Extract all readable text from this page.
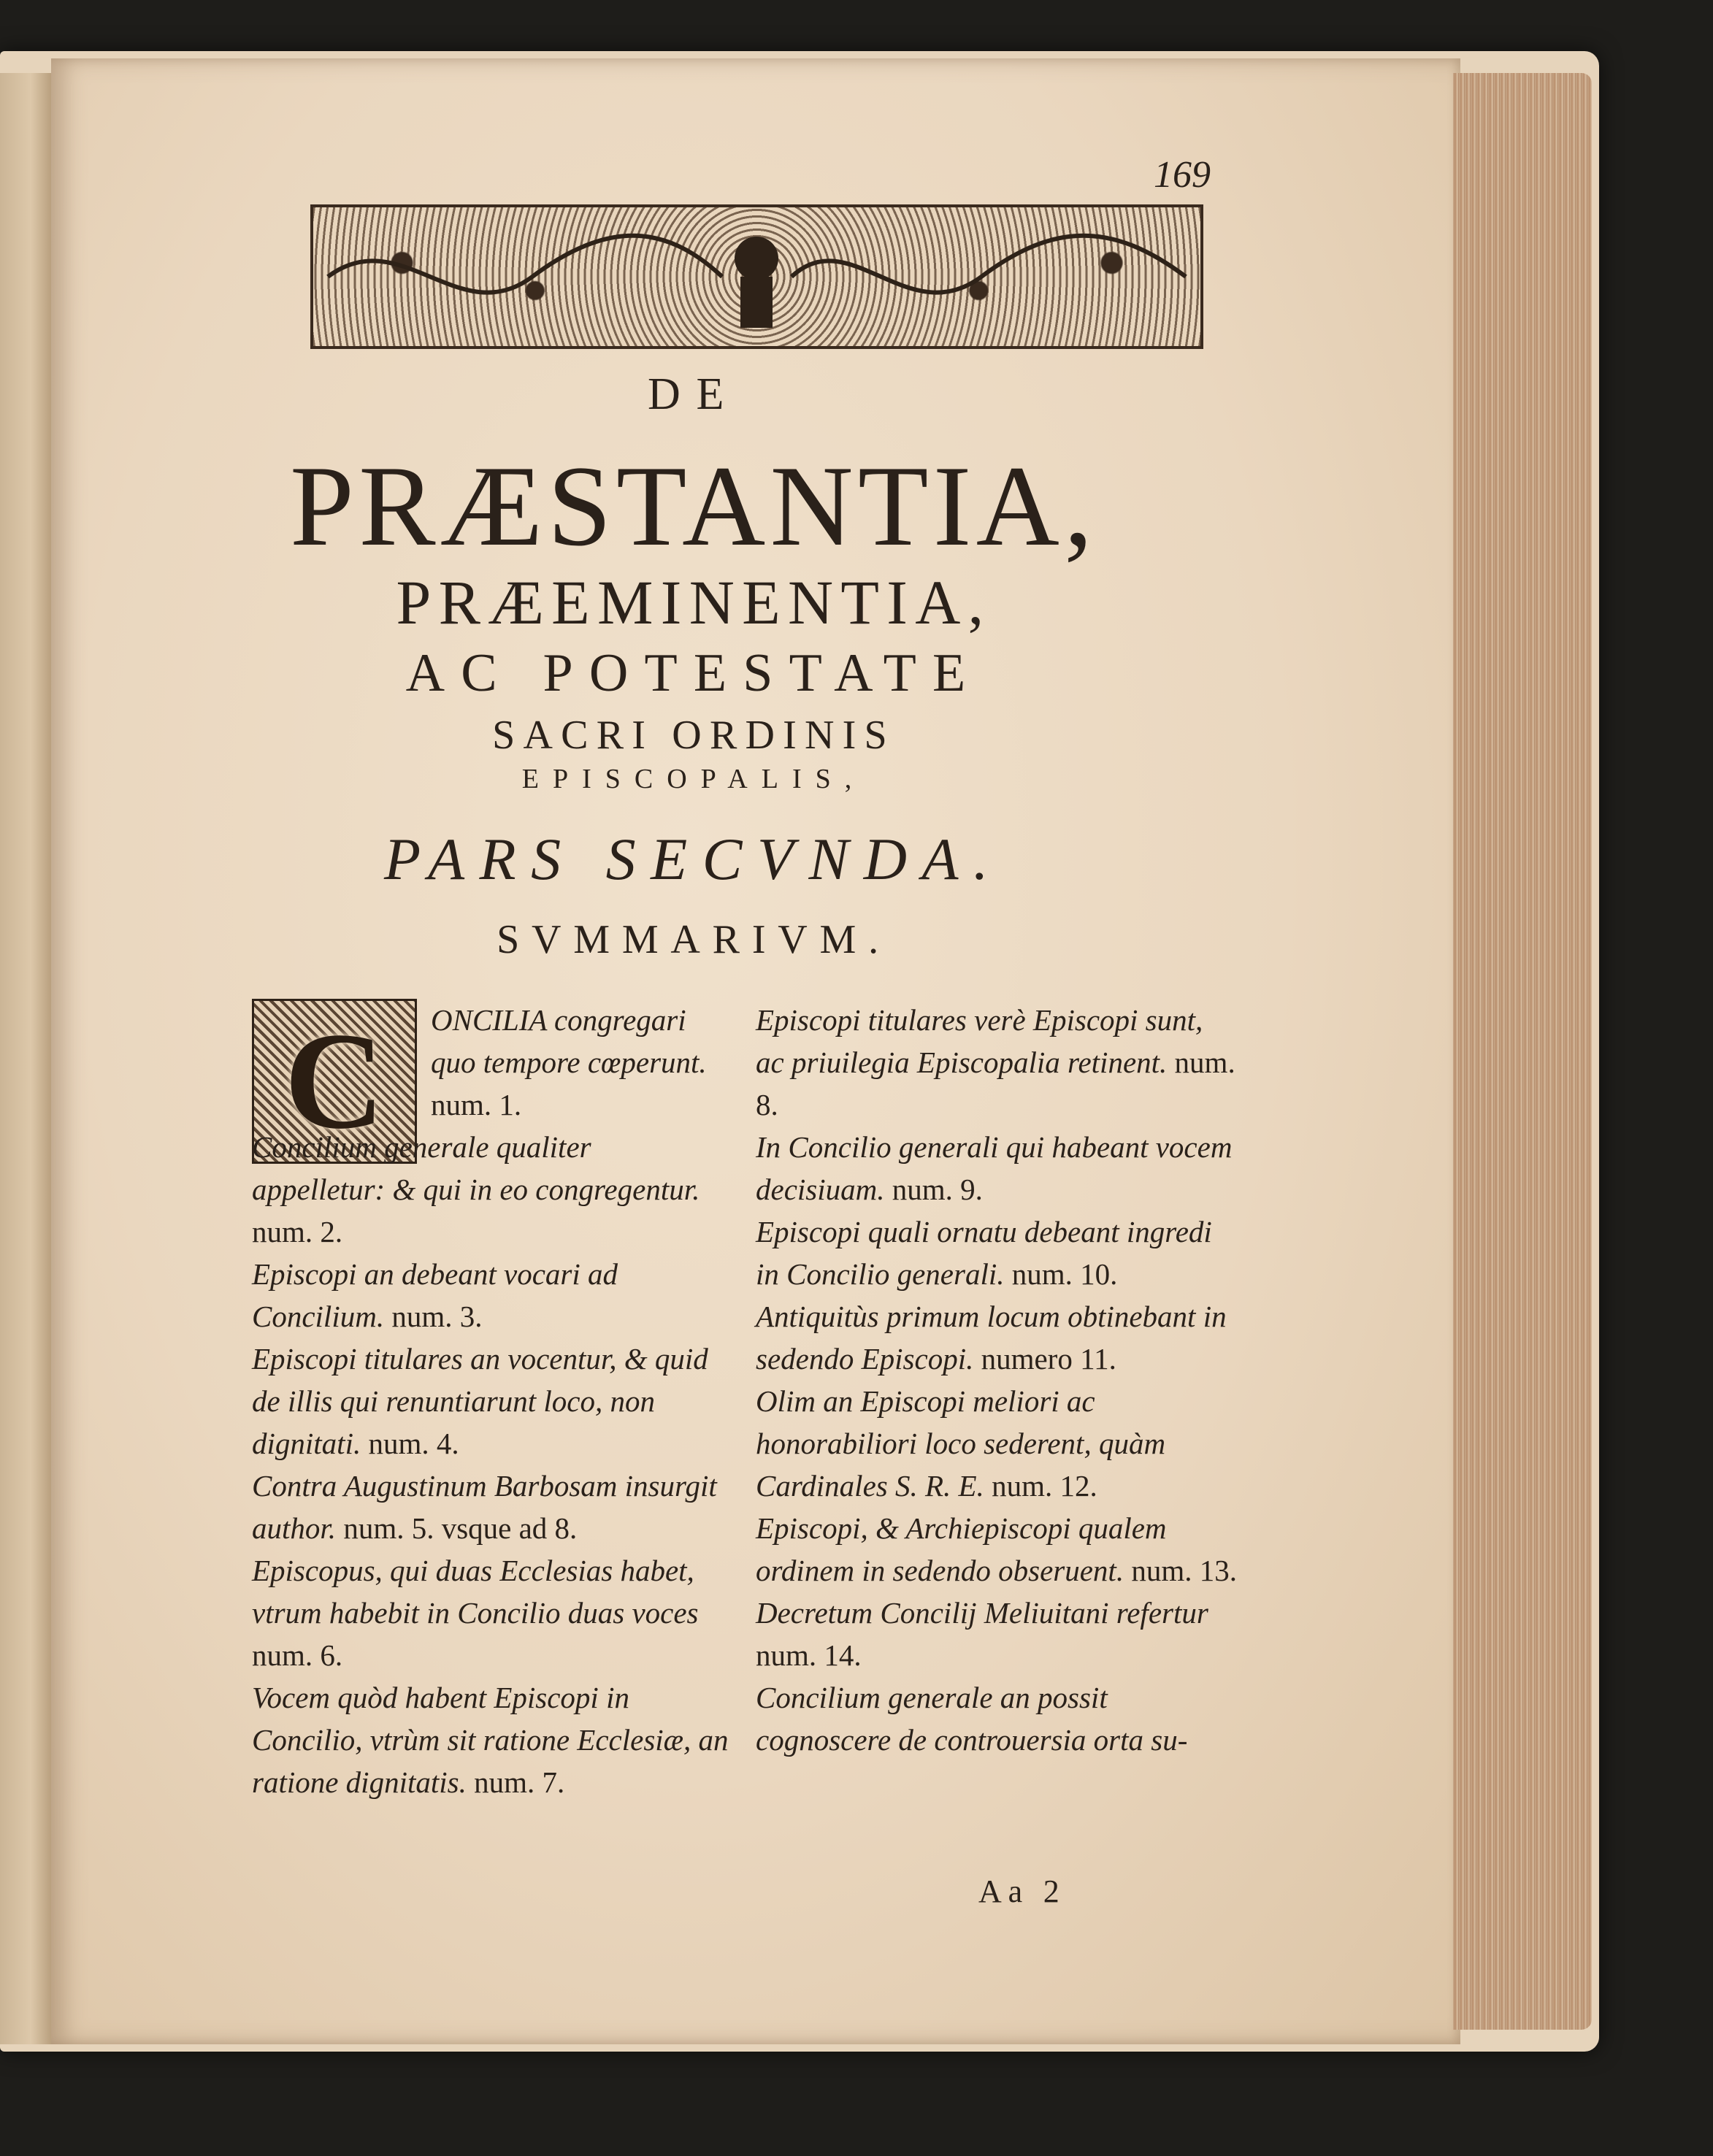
169
DE
PRÆSTANTIA,
PRÆEMINENTIA,
AC POTESTATE
SACRI ORDINIS
EPISCOPALIS,
PARS SECVNDA.
SVMMARIVM.
C	ONCILIA congregari quo tempore cœperunt. num. 1.

Concilium generale qualiter appelletur: & qui in eo congregentur. num. 2.

Episcopi an debeant vocari ad Concilium. num. 3.

Episcopi titulares an vocentur, & quid de illis qui renuntiarunt loco, non dignitati. num. 4.

Contra Augustinum Barbosam insurgit author. num. 5. vsque ad 8.

Episcopus, qui duas Ecclesias habet, vtrum habebit in Concilio duas voces num. 6.

Vocem quòd habent Episcopi in Concilio, vtrùm sit ratione Ecclesiæ, an ratione dignitatis. num. 7.

Episcopi titulares verè Episcopi sunt, ac priuilegia Episcopalia retinent. num. 8.

In Concilio generali qui habeant vocem decisiuam. num. 9.

Episcopi quali ornatu debeant ingredi in Concilio generali. num. 10.

Antiquitùs primum locum obtinebant in sedendo Episcopi. numero 11.

Olim an Episcopi meliori ac honorabiliori loco sederent, quàm Cardinales S. R. E. num. 12.

Episcopi, & Archiepiscopi qualem ordinem in sedendo obseruent. num. 13.

Decretum Concilij Meliuitani refertur num. 14.

Concilium generale an possit cognoscere de controuersia orta su-

Aa 2
